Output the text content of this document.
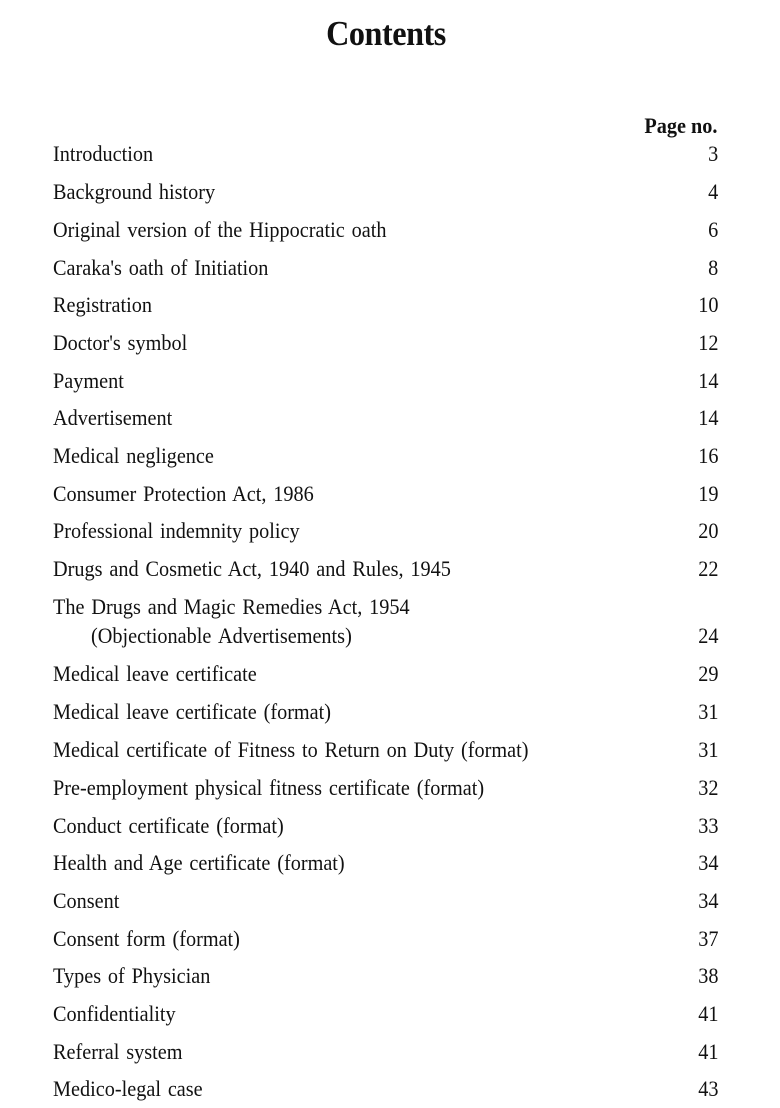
Contents
Page no.
Introduction	3
Background history	4
Original version of the Hippocratic oath	6
Caraka's oath of Initiation	8
Registration	10
Doctor's symbol	12
Payment	14
Advertisement	14
Medical negligence	16
Consumer Protection Act, 1986	19
Professional indemnity policy	20
Drugs and Cosmetic Act, 1940 and Rules, 1945	22
The Drugs and Magic Remedies Act, 1954
(Objectionable Advertisements)	24
Medical leave certificate	29
Medical leave certificate (format)	31
Medical certificate of Fitness to Return on Duty (format)	31
Pre-employment physical fitness certificate (format)	32
Conduct certificate (format)	33
Health and Age certificate (format)	34
Consent	34
Consent form (format)	37
Types of Physician	38
Confidentiality	41
Referral system	41
Medico-legal case	43
